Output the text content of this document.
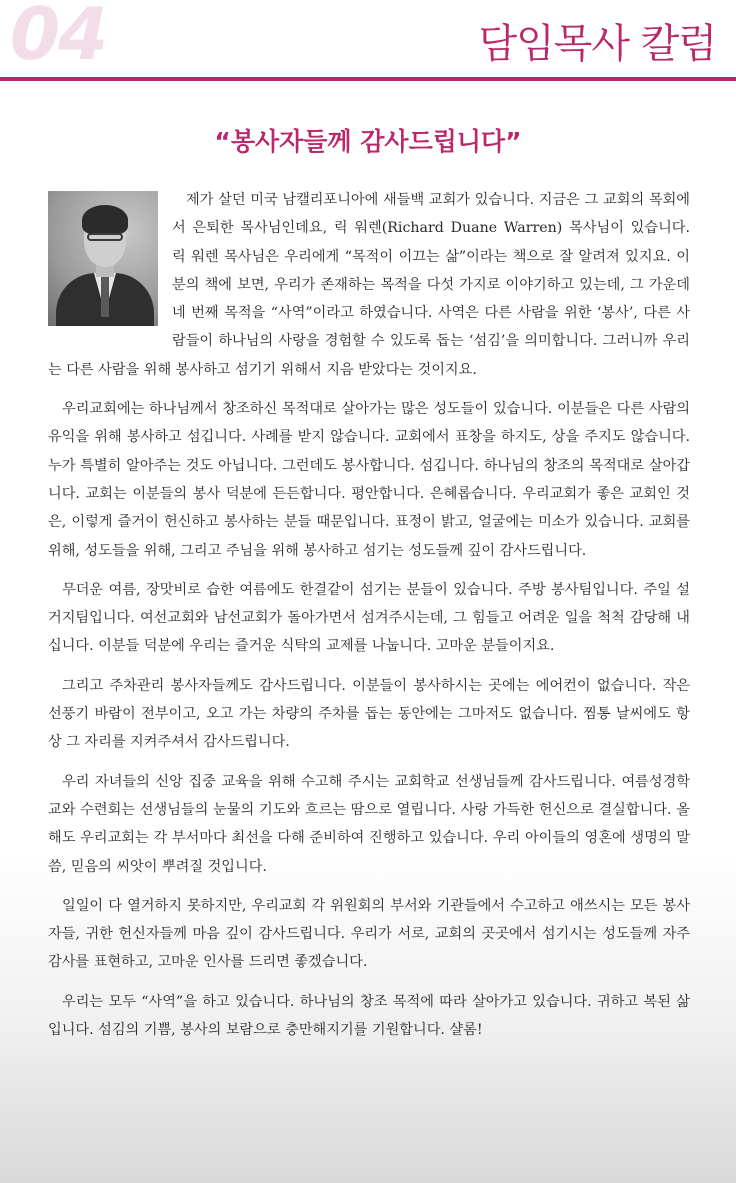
04	담임목사 칼럼
“봉사자들께 감사드립니다”

제가 살던 미국 남캘리포니아에 새들백 교회가 있습니다. 지금은 그 교회의 목회에서 은퇴한 목사님인데요, 릭 워렌(Richard Duane Warren) 목사님이 있습니다. 릭 워렌 목사님은 우리에게 “목적이 이끄는 삶”이라는 책으로 잘 알려져 있지요. 이분의 책에 보면, 우리가 존재하는 목적을 다섯 가지로 이야기하고 있는데, 그 가운데 네 번째 목적을 “사역”이라고 하였습니다. 사역은 다른 사람을 위한 ‘봉사’, 다른 사람들이 하나님의 사랑을 경험할 수 있도록 돕는 ‘섬김’을 의미합니다. 그러니까 우리는 다른 사람을 위해 봉사하고 섬기기 위해서 지음 받았다는 것이지요.

우리교회에는 하나님께서 창조하신 목적대로 살아가는 많은 성도들이 있습니다. 이분들은 다른 사람의 유익을 위해 봉사하고 섬깁니다. 사례를 받지 않습니다. 교회에서 표창을 하지도, 상을 주지도 않습니다. 누가 특별히 알아주는 것도 아닙니다. 그런데도 봉사합니다. 섬깁니다. 하나님의 창조의 목적대로 살아갑니다. 교회는 이분들의 봉사 덕분에 든든합니다. 평안합니다. 은혜롭습니다. 우리교회가 좋은 교회인 것은, 이렇게 즐거이 헌신하고 봉사하는 분들 때문입니다. 표정이 밝고, 얼굴에는 미소가 있습니다. 교회를 위해, 성도들을 위해, 그리고 주님을 위해 봉사하고 섬기는 성도들께 깊이 감사드립니다.

무더운 여름, 장맛비로 습한 여름에도 한결같이 섬기는 분들이 있습니다. 주방 봉사팀입니다. 주일 설거지팀입니다. 여선교회와 남선교회가 돌아가면서 섬겨주시는데, 그 힘들고 어려운 일을 척척 감당해 내십니다. 이분들 덕분에 우리는 즐거운 식탁의 교제를 나눕니다. 고마운 분들이지요.

그리고 주차관리 봉사자들께도 감사드립니다. 이분들이 봉사하시는 곳에는 에어컨이 없습니다. 작은 선풍기 바람이 전부이고, 오고 가는 차량의 주차를 돕는 동안에는 그마저도 없습니다. 찜통 날씨에도 항상 그 자리를 지켜주셔서 감사드립니다.

우리 자녀들의 신앙 집중 교육을 위해 수고해 주시는 교회학교 선생님들께 감사드립니다. 여름성경학교와 수련회는 선생님들의 눈물의 기도와 흐르는 땀으로 열립니다. 사랑 가득한 헌신으로 결실합니다. 올해도 우리교회는 각 부서마다 최선을 다해 준비하여 진행하고 있습니다. 우리 아이들의 영혼에 생명의 말씀, 믿음의 씨앗이 뿌려질 것입니다.

일일이 다 열거하지 못하지만, 우리교회 각 위원회의 부서와 기관들에서 수고하고 애쓰시는 모든 봉사자들, 귀한 헌신자들께 마음 깊이 감사드립니다. 우리가 서로, 교회의 곳곳에서 섬기시는 성도들께 자주 감사를 표현하고, 고마운 인사를 드리면 좋겠습니다.

우리는 모두 “사역”을 하고 있습니다. 하나님의 창조 목적에 따라 살아가고 있습니다. 귀하고 복된 삶입니다. 섬김의 기쁨, 봉사의 보람으로 충만해지기를 기원합니다. 샬롬!
